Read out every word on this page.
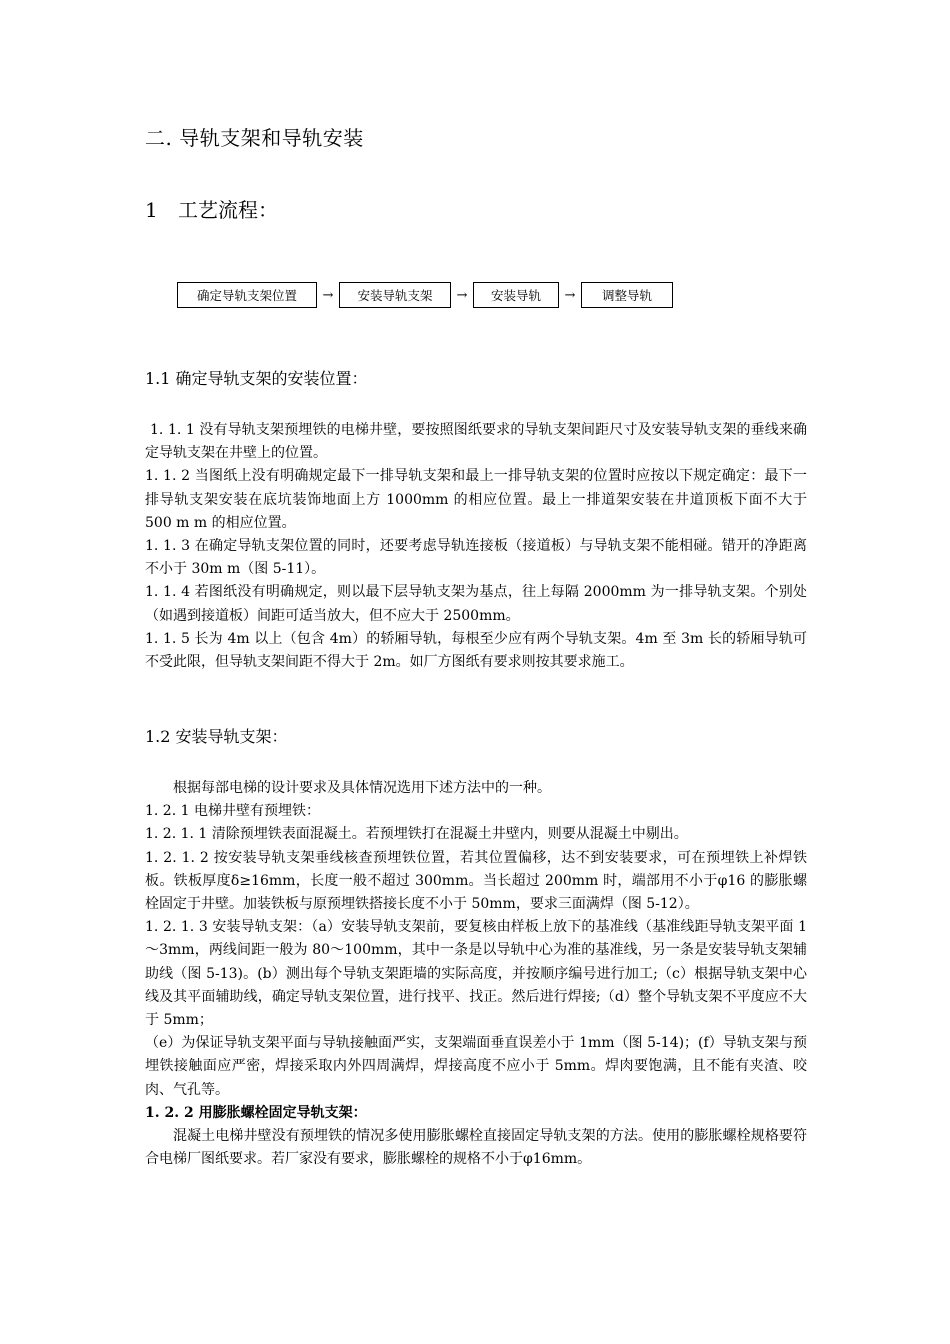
二. 导轨支架和导轨安装
1 工艺流程：
确定导轨支架位置	→	安装导轨支架	→	安装导轨	→	调整导轨
1.1 确定导轨支架的安装位置：

1. 1. 1 没有导轨支架预埋铁的电梯井壁，要按照图纸要求的导轨支架间距尺寸及安装导轨支架的垂线来确定导轨支架在井壁上的位置。

1. 1. 2 当图纸上没有明确规定最下一排导轨支架和最上一排导轨支架的位置时应按以下规定确定：最下一排导轨支架安装在底坑装饰地面上方 1000mm 的相应位置。最上一排道架安装在井道顶板下面不大于 500 m m 的相应位置。

1. 1. 3 在确定导轨支架位置的同时，还要考虑导轨连接板（接道板）与导轨支架不能相碰。错开的净距离不小于 30m m（图 5-11）。

1. 1. 4 若图纸没有明确规定，则以最下层导轨支架为基点，往上每隔 2000mm 为一排导轨支架。个别处（如遇到接道板）间距可适当放大，但不应大于 2500mm。

1. 1. 5 长为 4m 以上（包含 4m）的轿厢导轨，每根至少应有两个导轨支架。4m 至 3m 长的轿厢导轨可不受此限，但导轨支架间距不得大于 2m。如厂方图纸有要求则按其要求施工。

1.2 安装导轨支架：

根据每部电梯的设计要求及具体情况选用下述方法中的一种。

1. 2. 1 电梯井壁有预埋铁：

1. 2. 1. 1 清除预埋铁表面混凝土。若预埋铁打在混凝土井壁内，则要从混凝土中剔出。

1. 2. 1. 2 按安装导轨支架垂线核查预埋铁位置，若其位置偏移，达不到安装要求，可在预埋铁上补焊铁板。铁板厚度δ≥16mm，长度一般不超过 300mm。当长超过 200mm 时，端部用不小于φ16 的膨胀螺栓固定于井壁。加装铁板与原预埋铁搭接长度不小于 50mm，要求三面满焊（图 5-12）。

1. 2. 1. 3 安装导轨支架：（a）安装导轨支架前，要复核由样板上放下的基准线（基准线距导轨支架平面 1～3mm，两线间距一般为 80～100mm，其中一条是以导轨中心为准的基准线，另一条是安装导轨支架辅助线（图 5-13)。(b）测出每个导轨支架距墙的实际高度，并按顺序编号进行加工;（c）根据导轨支架中心线及其平面辅助线，确定导轨支架位置，进行找平、找正。然后进行焊接;（d）整个导轨支架不平度应不大于 5mm；

（e）为保证导轨支架平面与导轨接触面严实，支架端面垂直误差小于 1mm（图 5-14)；(f）导轨支架与预埋铁接触面应严密，焊接采取内外四周满焊，焊接高度不应小于 5mm。焊肉要饱满，且不能有夹渣、咬肉、气孔等。

1. 2. 2 用膨胀螺栓固定导轨支架：

混凝土电梯井壁没有预埋铁的情况多使用膨胀螺栓直接固定导轨支架的方法。使用的膨胀螺栓规格要符合电梯厂图纸要求。若厂家没有要求，膨胀螺栓的规格不小于φ16mm。
